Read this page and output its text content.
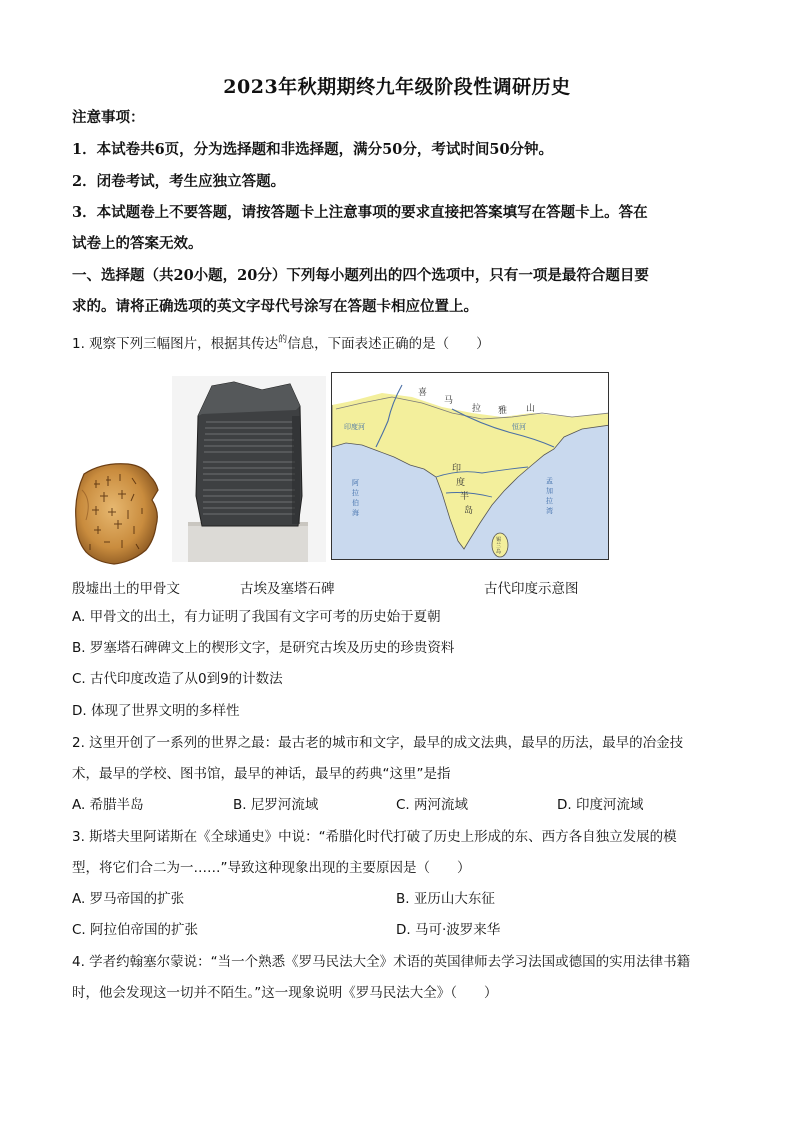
2023年秋期期终九年级阶段性调研历史
注意事项：
1．本试卷共6页，分为选择题和非选择题，满分50分，考试时间50分钟。
2．闭卷考试，考生应独立答题。
3．本试题卷上不要答题，请按答题卡上注意事项的要求直接把答案填写在答题卡上。答在
试卷上的答案无效。
一、选择题（共20小题，20分）下列每小题列出的四个选项中，只有一项是最符合题目要
求的。请将正确选项的英文字母代号涂写在答题卡相应位置上。
1. 观察下列三幅图片，根据其传达$^的$信息，下面表述正确的是（　　）
喜
马
拉 雅 山
印
度
半
岛
阿
拉
伯
海
孟
加
拉
湾
印度河	恒河
锡
兰
岛
殷墟出土的甲骨文	古埃及塞塔石碑	古代印度示意图
A. 甲骨文的出土，有力证明了我国有文字可考的历史始于夏朝
B. 罗塞塔石碑碑文上的楔形文字，是研究古埃及历史的珍贵资料
C. 古代印度改造了从0到9的计数法
D. 体现了世界文明的多样性
2. 这里开创了一系列的世界之最：最古老的城市和文字，最早的成文法典，最早的历法，最早的冶金技
术，最早的学校、图书馆，最早的神话，最早的药典“这里”是指
A. 希腊半岛	B. 尼罗河流域	C. 两河流域	D. 印度河流域
3. 斯塔夫里阿诺斯在《全球通史》中说：“希腊化时代打破了历史上形成的东、西方各自独立发展的模
型，将它们合二为一……”导致这种现象出现的主要原因是（　　）
A. 罗马帝国的扩张	B. 亚历山大东征
C. 阿拉伯帝国的扩张	D. 马可·波罗来华
4. 学者约翰塞尔蒙说：“当一个熟悉《罗马民法大全》术语的英国律师去学习法国或德国的实用法律书籍
时，他会发现这一切并不陌生。”这一现象说明《罗马民法大全》（　　）
